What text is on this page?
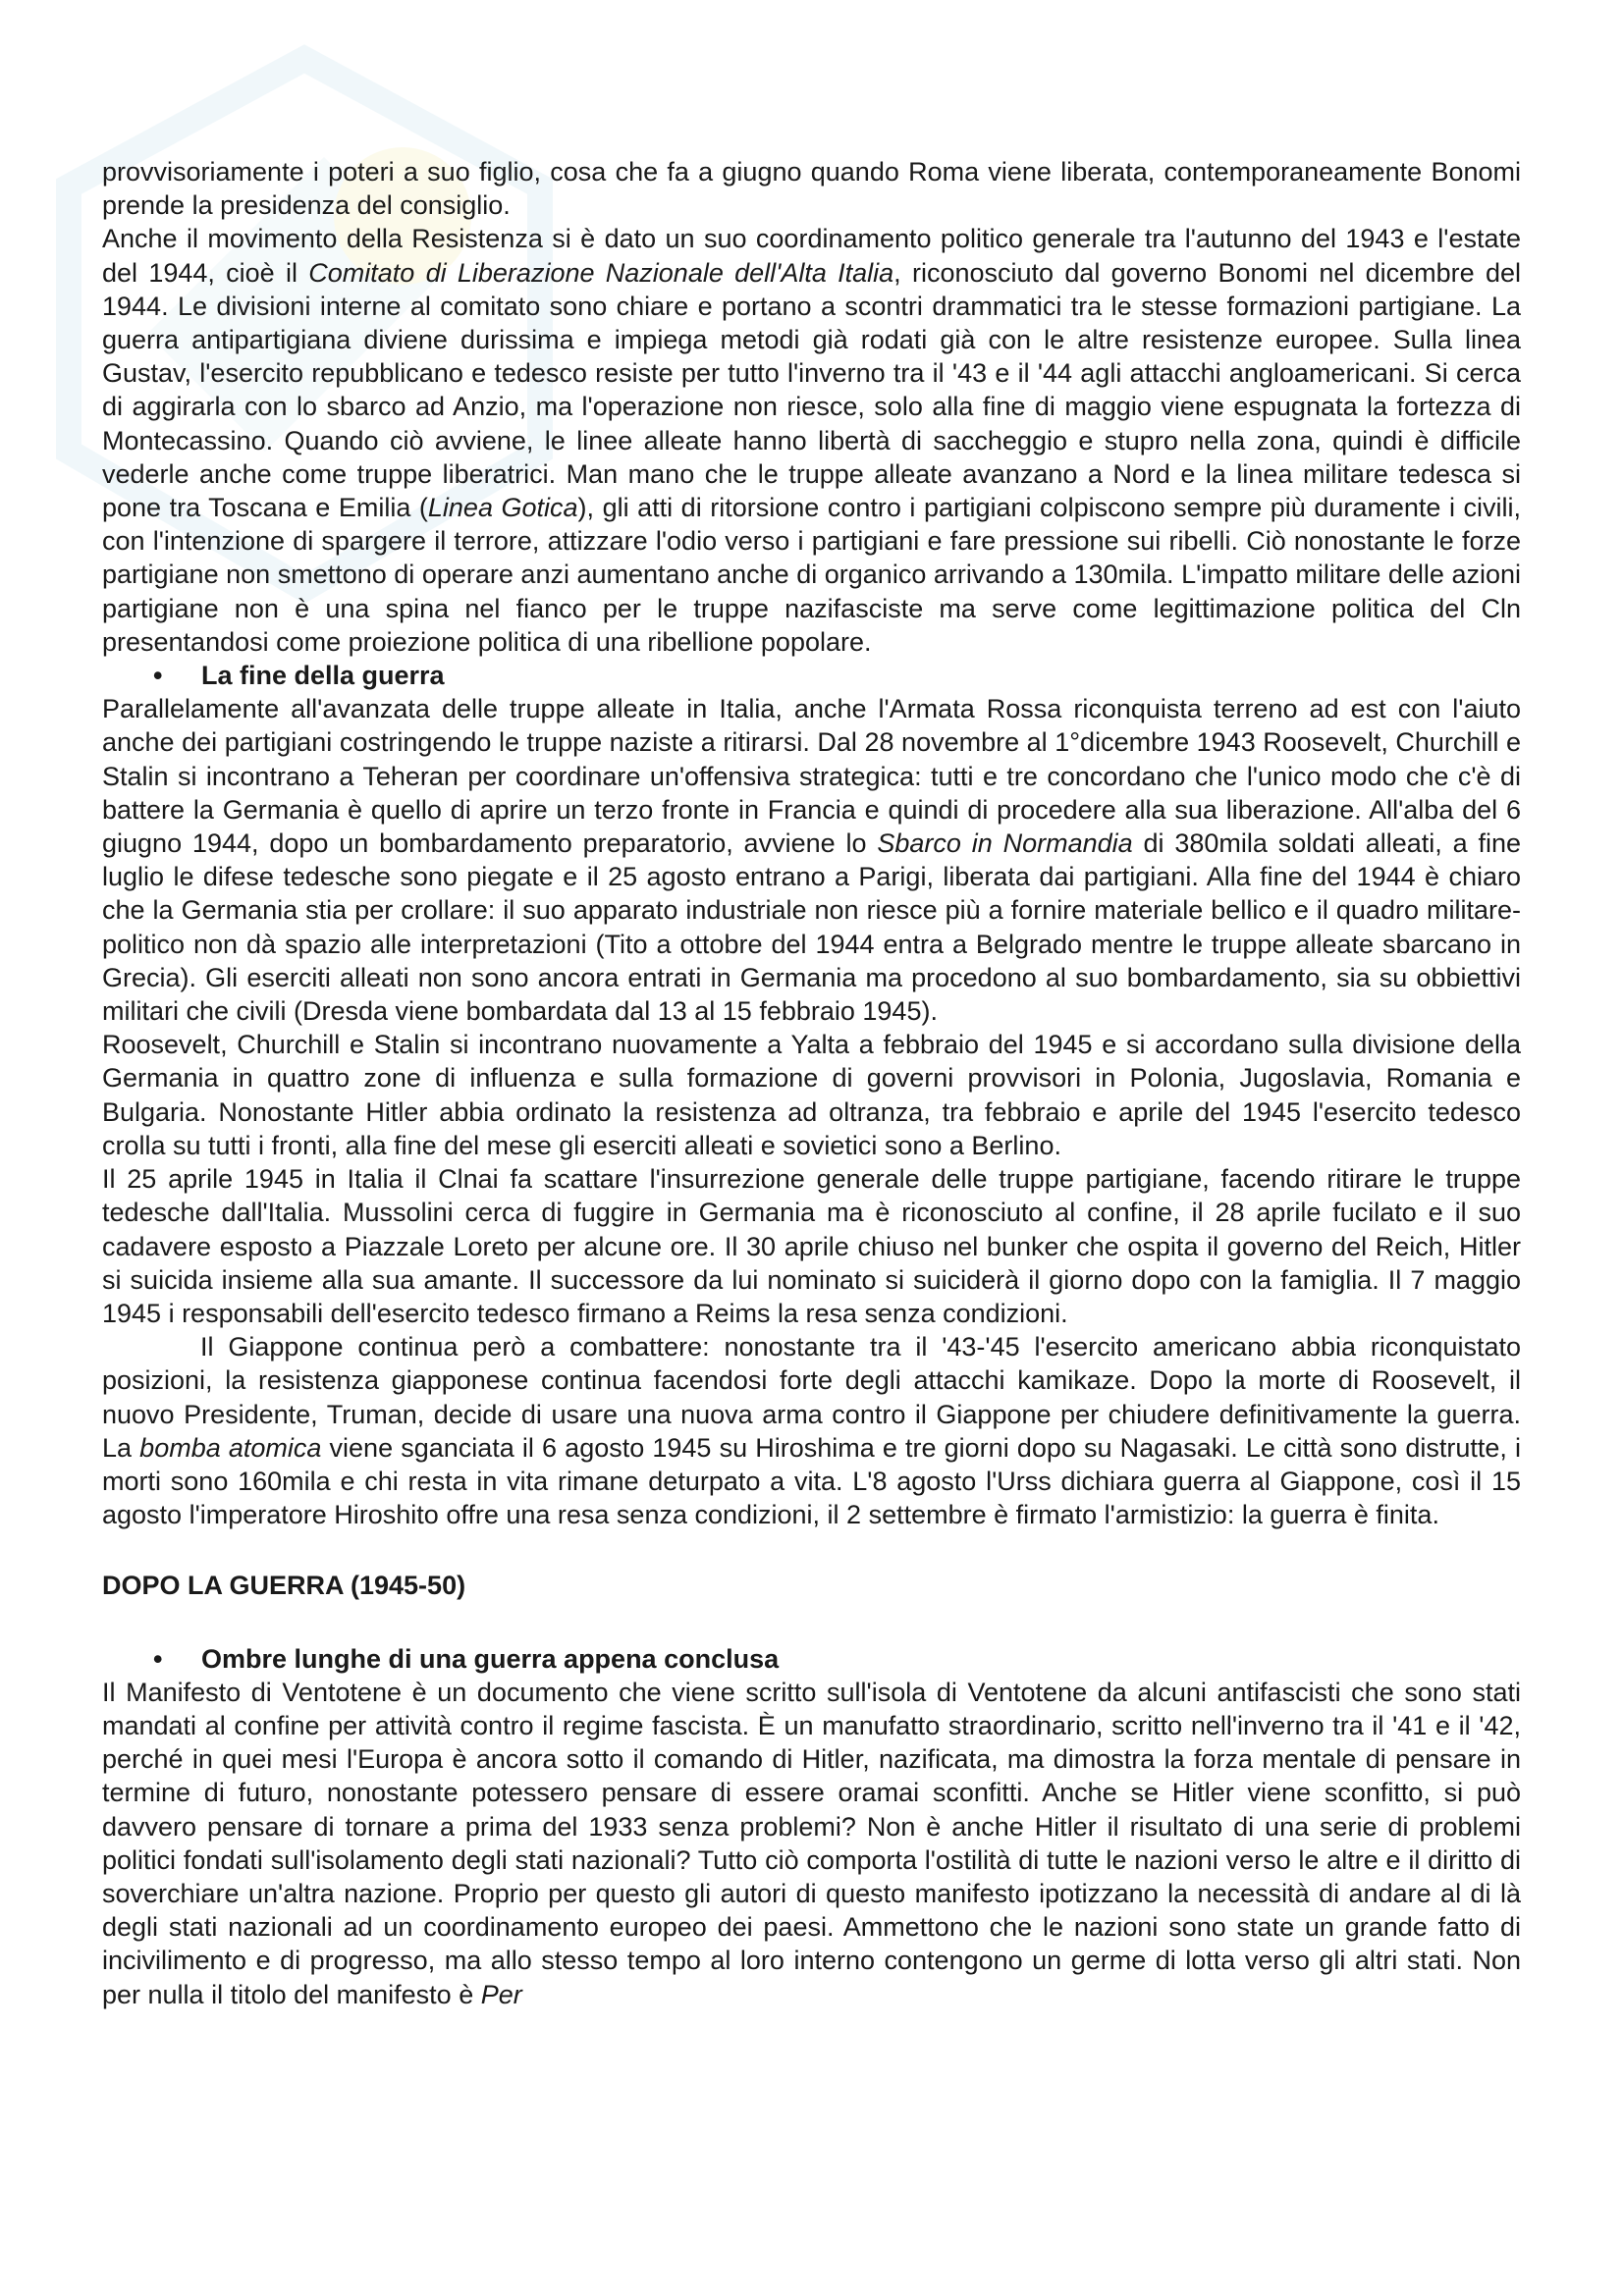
provvisoriamente i poteri a suo figlio, cosa che fa a giugno quando Roma viene liberata, contemporaneamente Bonomi prende la presidenza del consiglio.

Anche il movimento della Resistenza si è dato un suo coordinamento politico generale tra l'autunno del 1943 e l'estate del 1944, cioè il Comitato di Liberazione Nazionale dell'Alta Italia, riconosciuto dal governo Bonomi nel dicembre del 1944. Le divisioni interne al comitato sono chiare e portano a scontri drammatici tra le stesse formazioni partigiane. La guerra antipartigiana diviene durissima e impiega metodi già rodati già con le altre resistenze europee. Sulla linea Gustav, l'esercito repubblicano e tedesco resiste per tutto l'inverno tra il '43 e il '44 agli attacchi angloamericani. Si cerca di aggirarla con lo sbarco ad Anzio, ma l'operazione non riesce, solo alla fine di maggio viene espugnata la fortezza di Montecassino. Quando ciò avviene, le linee alleate hanno libertà di saccheggio e stupro nella zona, quindi è difficile vederle anche come truppe liberatrici. Man mano che le truppe alleate avanzano a Nord e la linea militare tedesca si pone tra Toscana e Emilia (Linea Gotica), gli atti di ritorsione contro i partigiani colpiscono sempre più duramente i civili, con l'intenzione di spargere il terrore, attizzare l'odio verso i partigiani e fare pressione sui ribelli. Ciò nonostante le forze partigiane non smettono di operare anzi aumentano anche di organico arrivando a 130mila. L'impatto militare delle azioni partigiane non è una spina nel fianco per le truppe nazifasciste ma serve come legittimazione politica del Cln presentandosi come proiezione politica di una ribellione popolare.

• La fine della guerra

Parallelamente all'avanzata delle truppe alleate in Italia, anche l'Armata Rossa riconquista terreno ad est con l'aiuto anche dei partigiani costringendo le truppe naziste a ritirarsi. Dal 28 novembre al 1°dicembre 1943 Roosevelt, Churchill e Stalin si incontrano a Teheran per coordinare un'offensiva strategica: tutti e tre concordano che l'unico modo che c'è di battere la Germania è quello di aprire un terzo fronte in Francia e quindi di procedere alla sua liberazione. All'alba del 6 giugno 1944, dopo un bombardamento preparatorio, avviene lo Sbarco in Normandia di 380mila soldati alleati, a fine luglio le difese tedesche sono piegate e il 25 agosto entrano a Parigi, liberata dai partigiani. Alla fine del 1944 è chiaro che la Germania stia per crollare: il suo apparato industriale non riesce più a fornire materiale bellico e il quadro militare-politico non dà spazio alle interpretazioni (Tito a ottobre del 1944 entra a Belgrado mentre le truppe alleate sbarcano in Grecia). Gli eserciti alleati non sono ancora entrati in Germania ma procedono al suo bombardamento, sia su obbiettivi militari che civili (Dresda viene bombardata dal 13 al 15 febbraio 1945).

Roosevelt, Churchill e Stalin si incontrano nuovamente a Yalta a febbraio del 1945 e si accordano sulla divisione della Germania in quattro zone di influenza e sulla formazione di governi provvisori in Polonia, Jugoslavia, Romania e Bulgaria. Nonostante Hitler abbia ordinato la resistenza ad oltranza, tra febbraio e aprile del 1945 l'esercito tedesco crolla su tutti i fronti, alla fine del mese gli eserciti alleati e sovietici sono a Berlino.

Il 25 aprile 1945 in Italia il Clnai fa scattare l'insurrezione generale delle truppe partigiane, facendo ritirare le truppe tedesche dall'Italia. Mussolini cerca di fuggire in Germania ma è riconosciuto al confine, il 28 aprile fucilato e il suo cadavere esposto a Piazzale Loreto per alcune ore. Il 30 aprile chiuso nel bunker che ospita il governo del Reich, Hitler si suicida insieme alla sua amante. Il successore da lui nominato si suiciderà il giorno dopo con la famiglia. Il 7 maggio 1945 i responsabili dell'esercito tedesco firmano a Reims la resa senza condizioni.

Il Giappone continua però a combattere: nonostante tra il '43-'45 l'esercito americano abbia riconquistato posizioni, la resistenza giapponese continua facendosi forte degli attacchi kamikaze. Dopo la morte di Roosevelt, il nuovo Presidente, Truman, decide di usare una nuova arma contro il Giappone per chiudere definitivamente la guerra. La bomba atomica viene sganciata il 6 agosto 1945 su Hiroshima e tre giorni dopo su Nagasaki. Le città sono distrutte, i morti sono 160mila e chi resta in vita rimane deturpato a vita. L'8 agosto l'Urss dichiara guerra al Giappone, così il 15 agosto l'imperatore Hiroshito offre una resa senza condizioni, il 2 settembre è firmato l'armistizio: la guerra è finita.

DOPO LA GUERRA (1945-50)
• Ombre lunghe di una guerra appena conclusa

Il Manifesto di Ventotene è un documento che viene scritto sull'isola di Ventotene da alcuni antifascisti che sono stati mandati al confine per attività contro il regime fascista. È un manufatto straordinario, scritto nell'inverno tra il '41 e il '42, perché in quei mesi l'Europa è ancora sotto il comando di Hitler, nazificata, ma dimostra la forza mentale di pensare in termine di futuro, nonostante potessero pensare di essere oramai sconfitti. Anche se Hitler viene sconfitto, si può davvero pensare di tornare a prima del 1933 senza problemi? Non è anche Hitler il risultato di una serie di problemi politici fondati sull'isolamento degli stati nazionali? Tutto ciò comporta l'ostilità di tutte le nazioni verso le altre e il diritto di soverchiare un'altra nazione. Proprio per questo gli autori di questo manifesto ipotizzano la necessità di andare al di là degli stati nazionali ad un coordinamento europeo dei paesi. Ammettono che le nazioni sono state un grande fatto di incivilimento e di progresso, ma allo stesso tempo al loro interno contengono un germe di lotta verso gli altri stati. Non per nulla il titolo del manifesto è Per
